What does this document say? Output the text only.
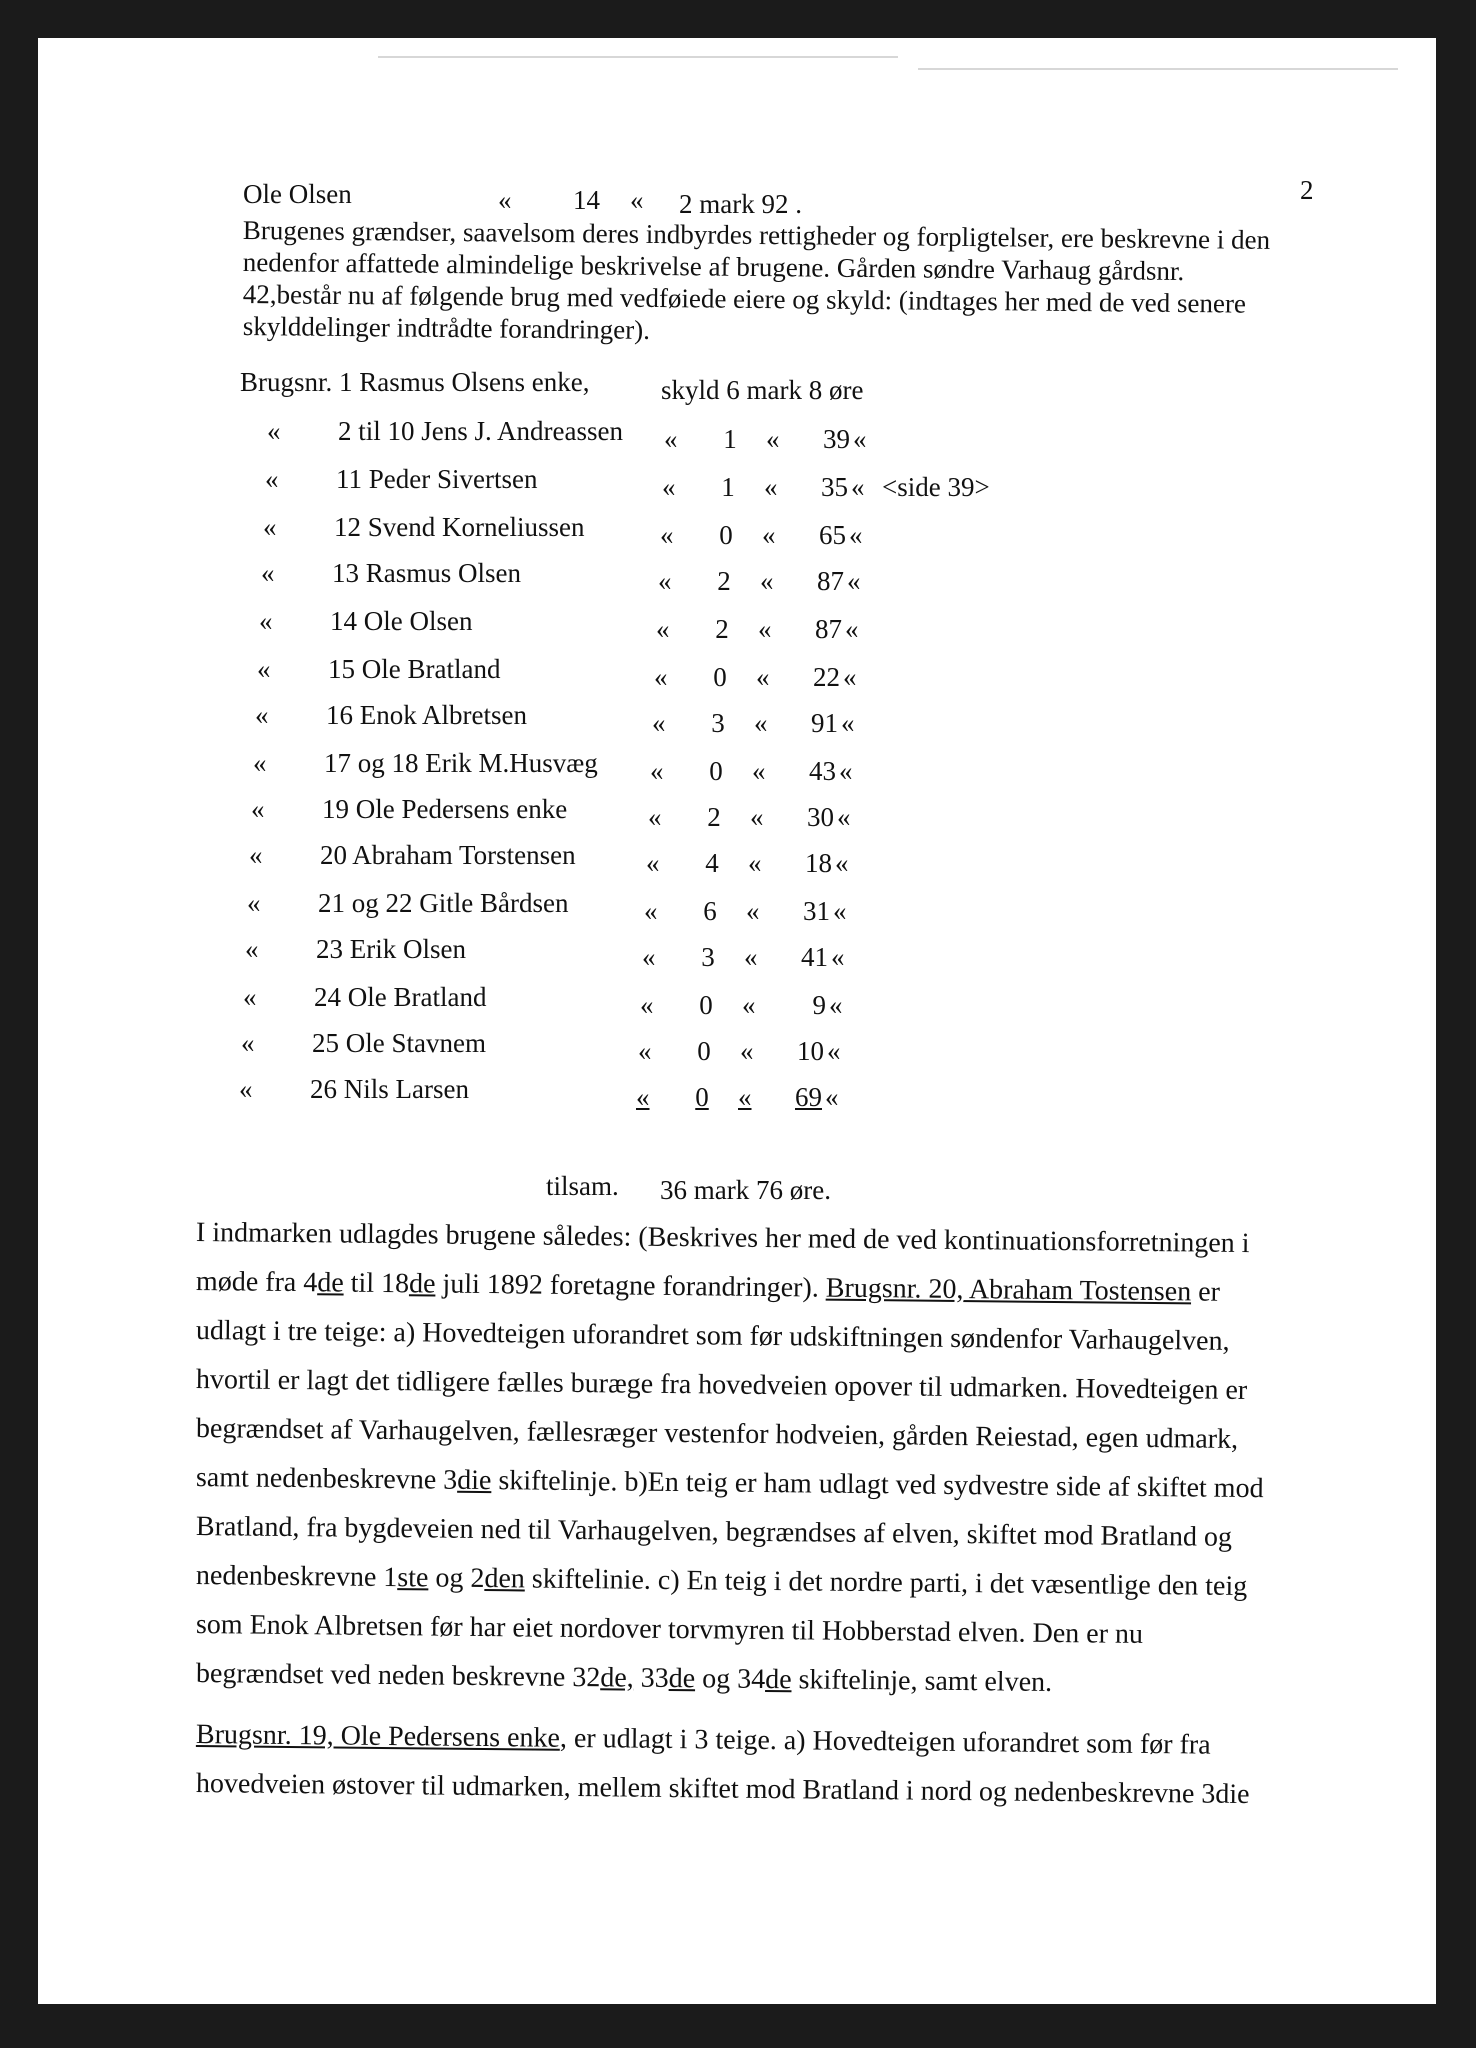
2
Ole Olsen	« 14 « 2 mark 92 .
Brugenes grændser, saavelsom deres indbyrdes rettigheder og forpligtelser, ere beskrevne i den
nedenfor affattede almindelige beskrivelse af brugene. Gården søndre Varhaug gårdsnr.
42,består nu af følgende brug med vedføiede eiere og skyld: (indtages her med de ved senere
skylddelinger indtrådte forandringer).
Brugsnr. 1 Rasmus Olsens enke,	skyld 6 mark 8 øre
« 2 til 10 Jens J. Andreassen « 1 «	39 «
« 11 Peder Sivertsen	« 1 «	35 « <side 39>
« 12 Svend Korneliussen	« 0 «	65 «
« 13 Rasmus Olsen	« 2 «	87 «
« 14 Ole Olsen	« 2 «	87 «
« 15 Ole Bratland	« 0 «	22 «
« 16 Enok Albretsen	« 3 «	91 «
« 17 og 18 Erik M.Husvæg « 0 «	43 «
« 19 Ole Pedersens enke	« 2 «	30 «
« 20 Abraham Torstensen	« 4 «	18 «
« 21 og 22 Gitle Bårdsen	« 6 «	31 «
« 23 Erik Olsen	« 3 «	41 «
« 24 Ole Bratland	« 0 «	9 «
« 25 Ole Stavnem	« 0 «	10 «
« 26 Nils Larsen	« 0 «	69 «
tilsam. 36 mark 76 øre.
I indmarken udlagdes brugene således: (Beskrives her med de ved kontinuationsforretningen i
møde fra 4de til 18de juli 1892 foretagne forandringer). Brugsnr. 20, Abraham Tostensen er
udlagt i tre teige: a) Hovedteigen uforandret som før udskiftningen søndenfor Varhaugelven,
hvortil er lagt det tidligere fælles buræge fra hovedveien opover til udmarken. Hovedteigen er
begrændset af Varhaugelven, fællesræger vestenfor hodveien, gården Reiestad, egen udmark,
samt nedenbeskrevne 3die skiftelinje. b)En teig er ham udlagt ved sydvestre side af skiftet mod
Bratland, fra bygdeveien ned til Varhaugelven, begrændses af elven, skiftet mod Bratland og
nedenbeskrevne 1ste og 2den skiftelinie. c) En teig i det nordre parti, i det væsentlige den teig
som Enok Albretsen før har eiet nordover torvmyren til Hobberstad elven. Den er nu
begrændset ved neden beskrevne 32de, 33de og 34de skiftelinje, samt elven.
Brugsnr. 19, Ole Pedersens enke, er udlagt i 3 teige. a) Hovedteigen uforandret som før fra
hovedveien østover til udmarken, mellem skiftet mod Bratland i nord og nedenbeskrevne 3die
